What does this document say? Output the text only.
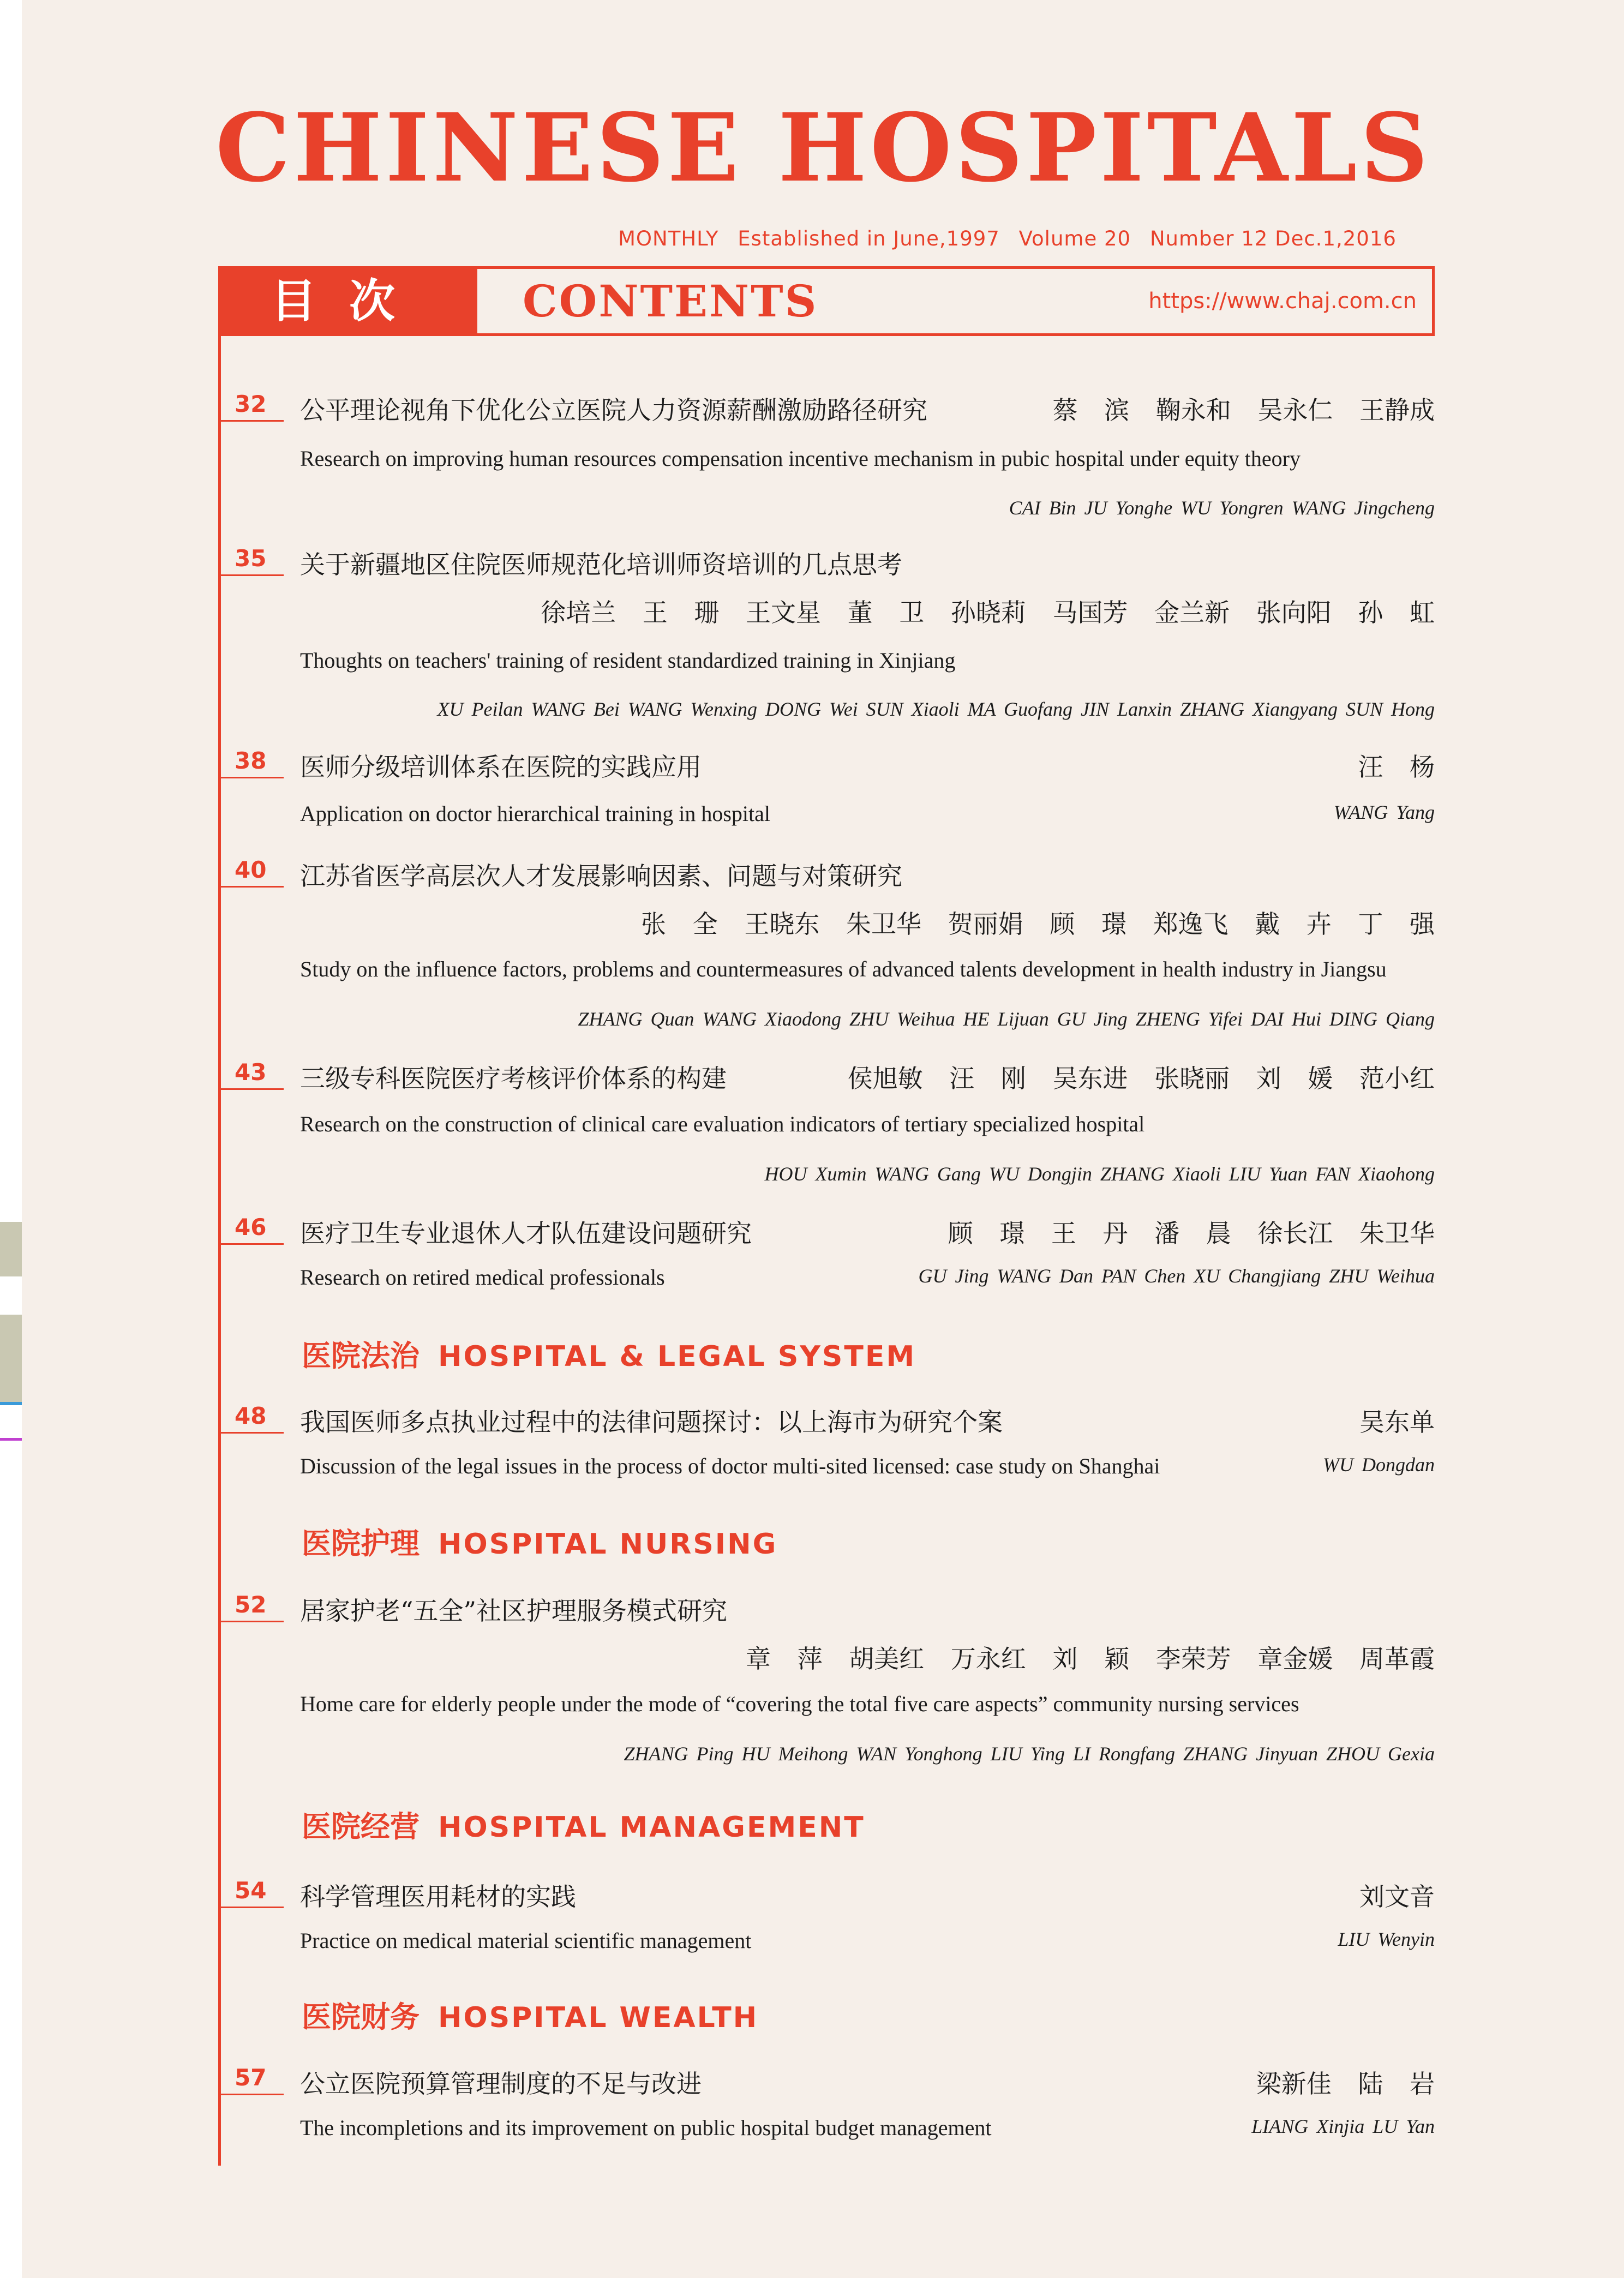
CHINESE HOSPITALS
MONTHLY Established in June,1997 Volume 20 Number 12 Dec.1,2016
目次	CONTENTS	https://www.chaj.com.cn
32 公平理论视角下优化公立医院人力资源薪酬激励路径研究	蔡 滨 鞠永和 吴永仁 王静成
Research on improving human resources compensation incentive mechanism in pubic hospital under equity theory
CAI Bin JU Yonghe WU Yongren WANG Jingcheng
35 关于新疆地区住院医师规范化培训师资培训的几点思考
徐培兰 王 珊 王文星 董 卫 孙晓莉 马国芳 金兰新 张向阳 孙 虹
Thoughts on teachers' training of resident standardized training in Xinjiang
XU Peilan WANG Bei WANG Wenxing DONG Wei SUN Xiaoli MA Guofang JIN Lanxin ZHANG Xiangyang SUN Hong
38 医师分级培训体系在医院的实践应用	汪 杨
Application on doctor hierarchical training in hospital	WANG Yang
40 江苏省医学高层次人才发展影响因素、问题与对策研究
张 全 王晓东 朱卫华 贺丽娟 顾 璟 郑逸飞 戴 卉 丁 强
Study on the influence factors, problems and countermeasures of advanced talents development in health industry in Jiangsu
ZHANG Quan WANG Xiaodong ZHU Weihua HE Lijuan GU Jing ZHENG Yifei DAI Hui DING Qiang
43 三级专科医院医疗考核评价体系的构建	侯旭敏 汪 刚 吴东进 张晓丽 刘 媛 范小红
Research on the construction of clinical care evaluation indicators of tertiary specialized hospital
HOU Xumin WANG Gang WU Dongjin ZHANG Xiaoli LIU Yuan FAN Xiaohong
46 医疗卫生专业退休人才队伍建设问题研究	顾 璟 王 丹 潘 晨 徐长江 朱卫华
Research on retired medical professionals	GU Jing WANG Dan PAN Chen XU Changjiang ZHU Weihua
医院法治 HOSPITAL & LEGAL SYSTEM
48 我国医师多点执业过程中的法律问题探讨：以上海市为研究个案	吴东单
Discussion of the legal issues in the process of doctor multi-sited licensed: case study on Shanghai	WU Dongdan
医院护理 HOSPITAL NURSING
52 居家护老“五全”社区护理服务模式研究
章 萍 胡美红 万永红 刘 颖 李荣芳 章金媛 周革霞
Home care for elderly people under the mode of “covering the total five care aspects” community nursing services
ZHANG Ping HU Meihong WAN Yonghong LIU Ying LI Rongfang ZHANG Jinyuan ZHOU Gexia
医院经营 HOSPITAL MANAGEMENT
54 科学管理医用耗材的实践	刘文音
Practice on medical material scientific management	LIU Wenyin
医院财务 HOSPITAL WEALTH
57 公立医院预算管理制度的不足与改进	梁新佳 陆 岩
The incompletions and its improvement on public hospital budget management	LIANG Xinjia LU Yan
